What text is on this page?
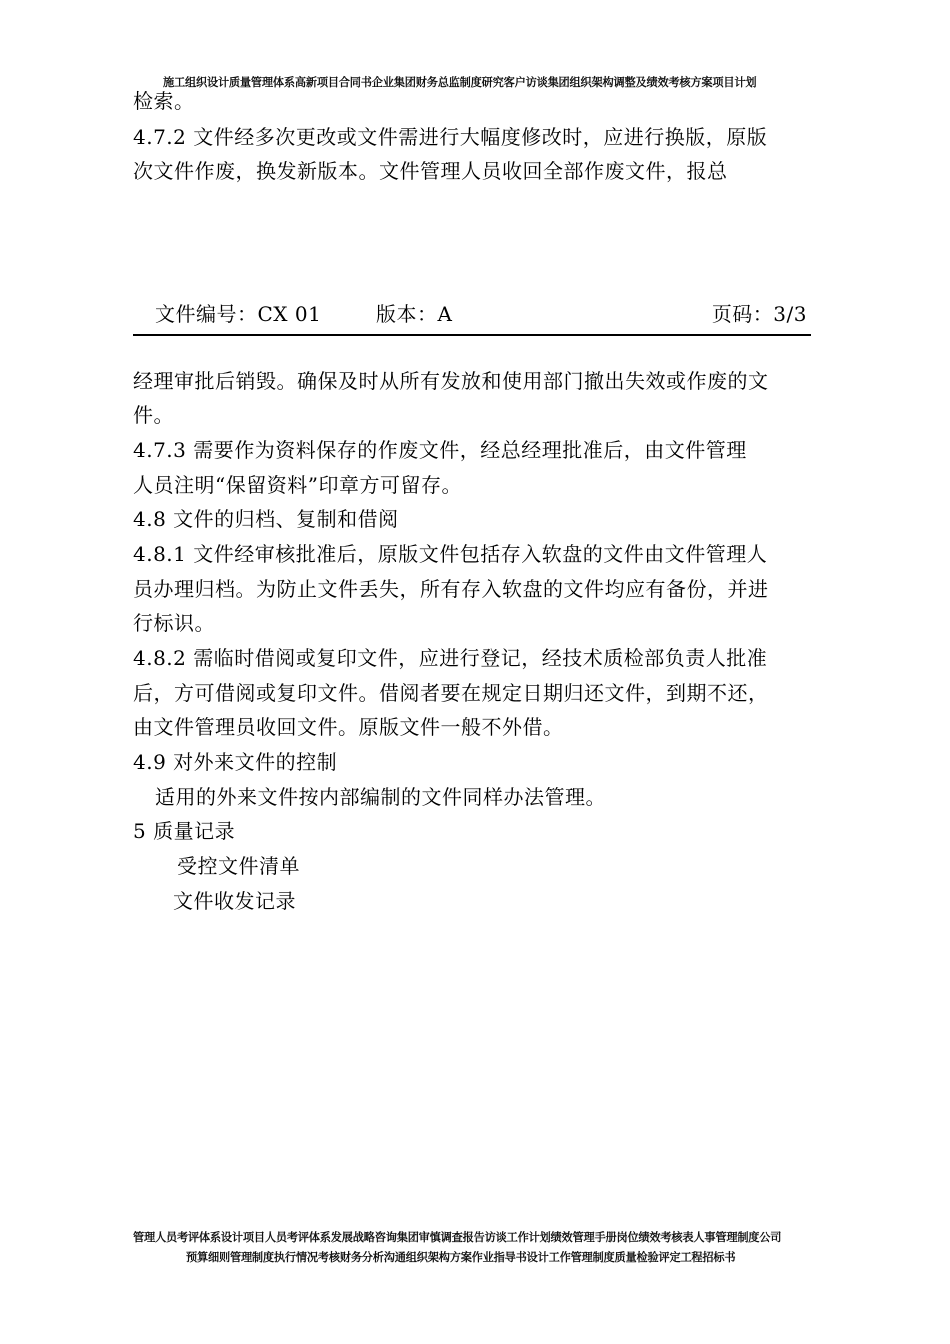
施工组织设计质量管理体系高新项目合同书企业集团财务总监制度研究客户访谈集团组织架构调整及绩效考核方案项目计划
检索。
4.7.2 文件经多次更改或文件需进行大幅度修改时，应进行换版，原版
次文件作废，换发新版本。文件管理人员收回全部作废文件，报总
文件编号：CX 01	版本：A	页码：3/3
经理审批后销毁。确保及时从所有发放和使用部门撤出失效或作废的文
件。
4.7.3 需要作为资料保存的作废文件，经总经理批准后，由文件管理
人员注明“保留资料”印章方可留存。
4.8 文件的归档、复制和借阅
4.8.1 文件经审核批准后，原版文件包括存入软盘的文件由文件管理人
员办理归档。为防止文件丢失，所有存入软盘的文件均应有备份，并进
行标识。
4.8.2 需临时借阅或复印文件，应进行登记，经技术质检部负责人批准
后，方可借阅或复印文件。借阅者要在规定日期归还文件，到期不还，
由文件管理员收回文件。原版文件一般不外借。
4.9 对外来文件的控制
适用的外来文件按内部编制的文件同样办法管理。
5 质量记录
受控文件清单
文件收发记录
管理人员考评体系设计项目人员考评体系发展战略咨询集团审慎调查报告访谈工作计划绩效管理手册岗位绩效考核表人事管理制度公司
预算细则管理制度执行情况考核财务分析沟通组织架构方案作业指导书设计工作管理制度质量检验评定工程招标书
